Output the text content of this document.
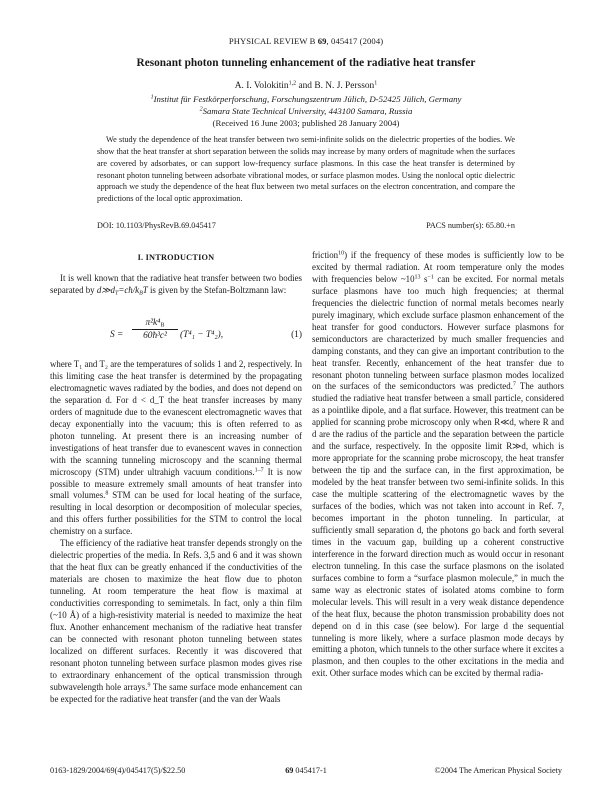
PHYSICAL REVIEW B 69, 045417 (2004)
Resonant photon tunneling enhancement of the radiative heat transfer
A. I. Volokitin$^{1,2}$ and B. N. J. Persson$^1$
$^1$Institut für Festkörperforschung, Forschungszentrum Jülich, D-52425 Jülich, Germany
$^2$Samara State Technical University, 443100 Samara, Russia
(Received 16 June 2003; published 28 January 2004)
We study the dependence of the heat transfer between two semi-infinite solids on the dielectric properties of the bodies. We show that the heat transfer at short separation between the solids may increase by many orders of magnitude when the surfaces are covered by adsorbates, or can support low-frequency surface plasmons. In this case the heat transfer is determined by resonant photon tunneling between adsorbate vibrational modes, or surface plasmon modes. Using the nonlocal optic dielectric approach we study the dependence of the heat flux between two metal surfaces on the electron concentration, and compare the predictions of the local optic approximation.
DOI: 10.1103/PhysRevB.69.045417	PACS number(s): 65.80.+n
I. INTRODUCTION

It is well known that the radiative heat transfer between two bodies separated by $d≫d_T=cħ/k_BT$ is given by the Stefan-Boltzmann law:

$S = \frac{\pi^2k^4_B}{\text{60ħ³c²}} (T^4_1 - T^4_2)$,	(1)

where T₁ and T₂ are the temperatures of solids 1 and 2, respectively. In this limiting case the heat transfer is determined by the propagating electromagnetic waves radiated by the bodies, and does not depend on the separation d. For d < d_T the heat transfer increases by many orders of magnitude due to the evanescent electromagnetic waves that decay exponentially into the vacuum; this is often referred to as photon tunneling. At present there is an increasing number of investigations of heat transfer due to evanescent waves in connection with the scanning tunneling microscopy and the scanning thermal microscopy (STM) under ultrahigh vacuum conditions.$^{1-7}$ It is now possible to measure extremely small amounts of heat transfer into small volumes.$^8$ STM can be used for local heating of the surface, resulting in local desorption or decomposition of molecular species, and this offers further possibilities for the STM to control the local chemistry on a surface.

The efficiency of the radiative heat transfer depends strongly on the dielectric properties of the media. In Refs. 3,5 and 6 and it was shown that the heat flux can be greatly enhanced if the conductivities of the materials are chosen to maximize the heat flow due to photon tunneling. At room temperature the heat flow is maximal at conductivities corresponding to semimetals. In fact, only a thin film (~10 Å) of a high-resistivity material is needed to maximize the heat flux. Another enhancement mechanism of the radiative heat transfer can be connected with resonant photon tunneling between states localized on different surfaces. Recently it was discovered that resonant photon tunneling between surface plasmon modes gives rise to extraordinary enhancement of the optical transmission through subwavelength hole arrays.$^9$ The same surface mode enhancement can be expected for the radiative heat transfer (and the van der Waals

friction$^{10}$) if the frequency of these modes is sufficiently low to be excited by thermal radiation. At room temperature only the modes with frequencies below ~10$^{13}$ s$^{-1}$ can be excited. For normal metals surface plasmons have too much high frequencies; at thermal frequencies the dielectric function of normal metals becomes nearly purely imaginary, which exclude surface plasmon enhancement of the heat transfer for good conductors. However surface plasmons for semiconductors are characterized by much smaller frequencies and damping constants, and they can give an important contribution to the heat transfer. Recently, enhancement of the heat transfer due to resonant photon tunneling between surface plasmon modes localized on the surfaces of the semiconductors was predicted.$^7$ The authors studied the radiative heat transfer between a small particle, considered as a pointlike dipole, and a flat surface. However, this treatment can be applied for scanning probe microscopy only when R≪d, where R and d are the radius of the particle and the separation between the particle and the surface, respectively. In the opposite limit R≫d, which is more appropriate for the scanning probe microscopy, the heat transfer between the tip and the surface can, in the first approximation, be modeled by the heat transfer between two semi-infinite solids. In this case the multiple scattering of the electromagnetic waves by the surfaces of the bodies, which was not taken into account in Ref. 7, becomes important in the photon tunneling. In particular, at sufficiently small separation d, the photons go back and forth several times in the vacuum gap, building up a coherent constructive interference in the forward direction much as would occur in resonant electron tunneling. In this case the surface plasmons on the isolated surfaces combine to form a “surface plasmon molecule,” in much the same way as electronic states of isolated atoms combine to form molecular levels. This will result in a very weak distance dependence of the heat flux, because the photon transmission probability does not depend on d in this case (see below). For large d the sequential tunneling is more likely, where a surface plasmon mode decays by emitting a photon, which tunnels to the other surface where it excites a plasmon, and then couples to the other excitations in the media and exit. Other surface modes which can be excited by thermal radia-

0163-1829/2004/69(4)/045417(5)/$22.50	69 045417-1	©2004 The American Physical Society
